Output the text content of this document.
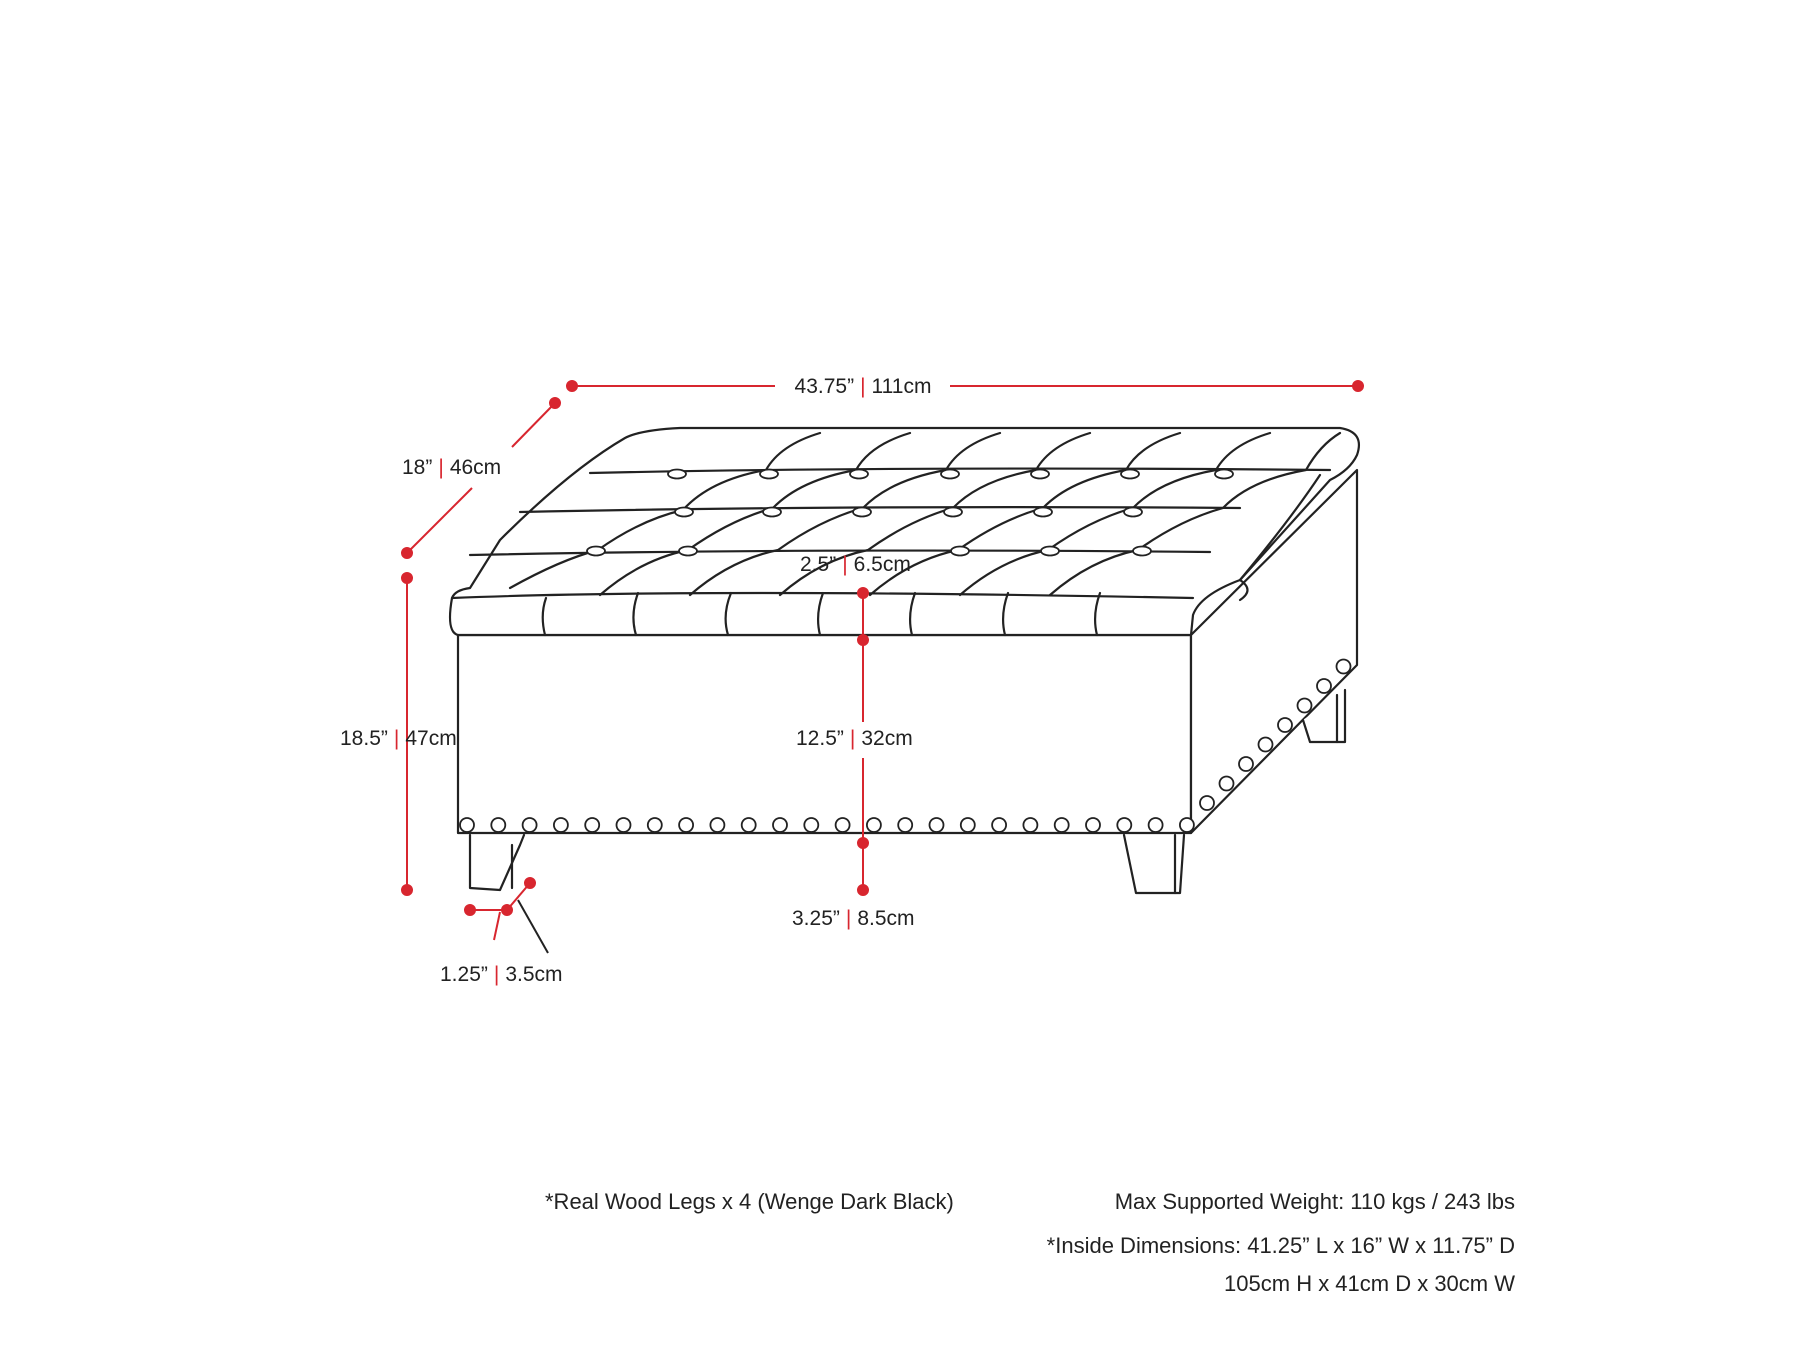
43.75” | 111cm
18” | 46cm
18.5” | 47cm
2.5” | 6.5cm
12.5” | 32cm
3.25” | 8.5cm
1.25” | 3.5cm
*Real Wood Legs x 4 (Wenge Dark Black)	Max Supported Weight: 110 kgs / 243 lbs
*Inside Dimensions: 41.25” L x 16” W x 11.75” D
105cm H x 41cm D x 30cm W
